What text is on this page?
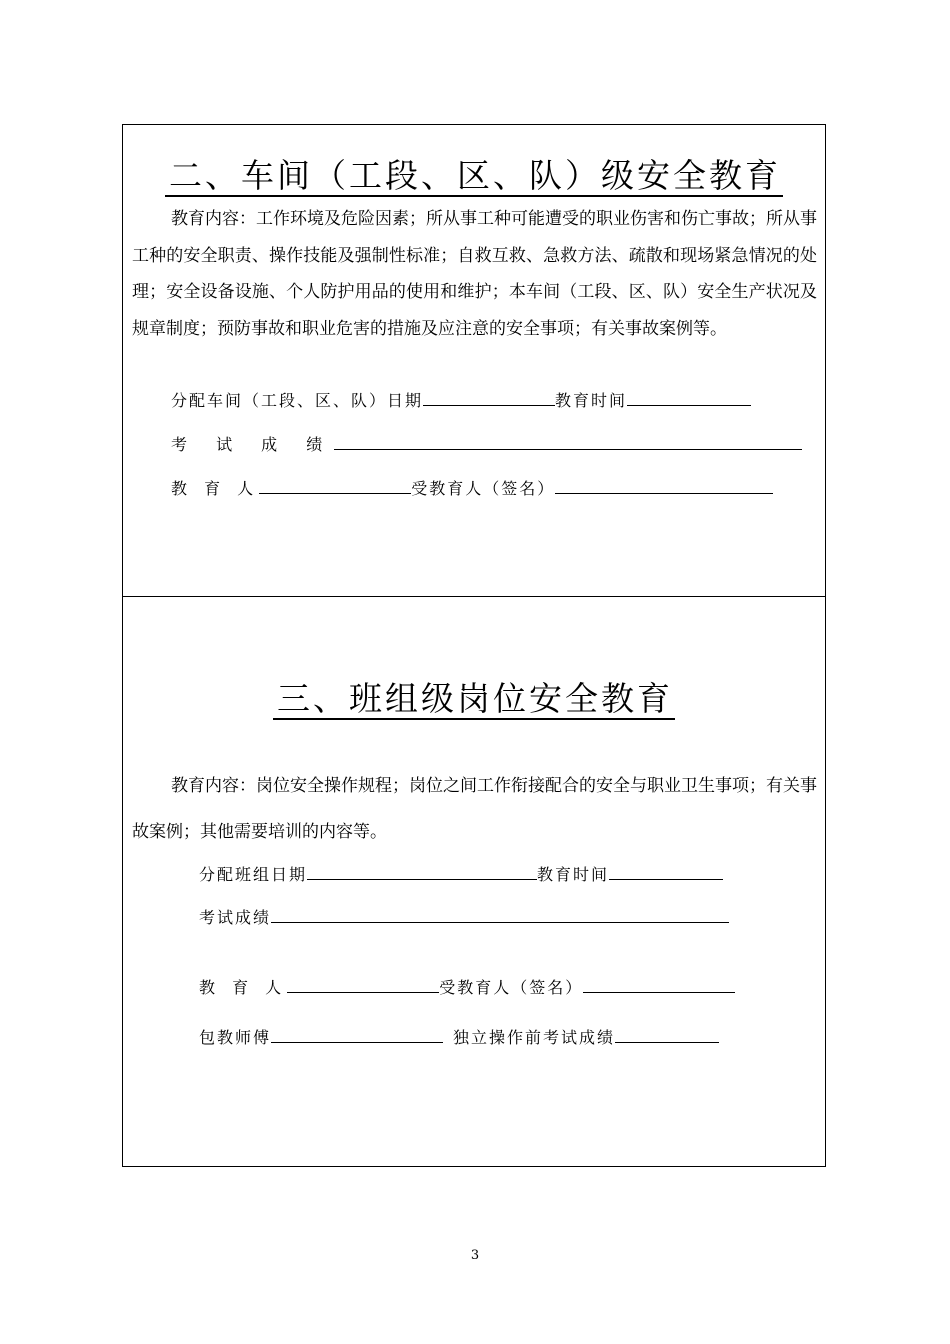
二、车间（工段、区、队）级安全教育
教育内容：工作环境及危险因素；所从事工种可能遭受的职业伤害和伤亡事故；所从事工种的安全职责、操作技能及强制性标准；自救互救、急救方法、疏散和现场紧急情况的处理；安全设备设施、个人防护用品的使用和维护；本车间（工段、区、队）安全生产状况及规章制度；预防事故和职业危害的措施及应注意的安全事项；有关事故案例等。
分配车间（工段、区、队）日期	教育时间
考 试 成 绩
教 育 人	受教育人（签名）
三、班组级岗位安全教育
教育内容：岗位安全操作规程；岗位之间工作衔接配合的安全与职业卫生事项；有关事故案例；其他需要培训的内容等。
分配班组日期	教育时间
考试成绩
教 育 人	受教育人（签名）
包教师傅	独立操作前考试成绩
3
